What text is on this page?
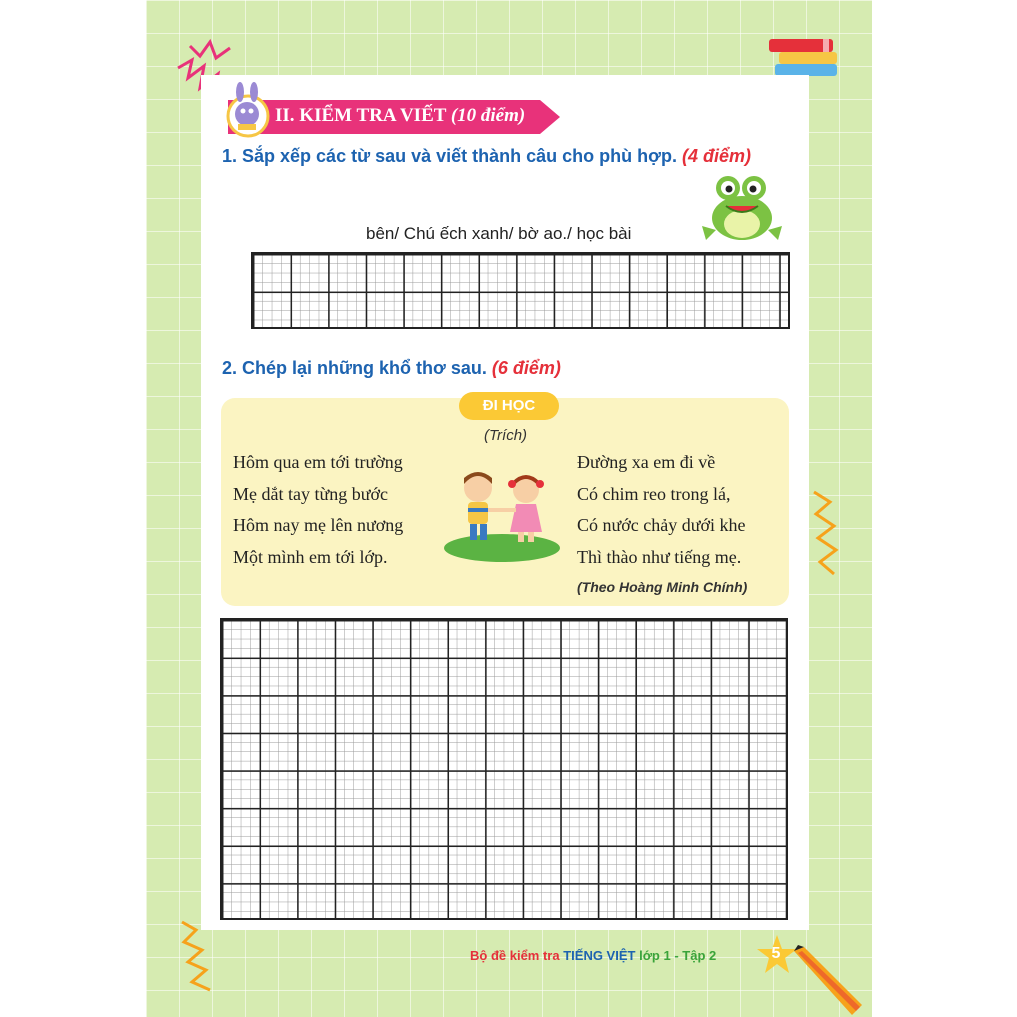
II. KIỂM TRA VIẾT (10 điểm)
1. Sắp xếp các từ sau và viết thành câu cho phù hợp. (4 điểm)
bên/ Chú ếch xanh/ bờ ao./ học bài
2. Chép lại những khổ thơ sau. (6 điểm)
ĐI HỌC
(Trích)
Hôm qua em tới trường
Mẹ dắt tay từng bước
Hôm nay mẹ lên nương
Một mình em tới lớp.
Đường xa em đi về
Có chim reo trong lá,
Có nước chảy dưới khe
Thì thào như tiếng mẹ.
(Theo Hoàng Minh Chính)
Bộ đề kiểm tra TIẾNG VIỆT lớp 1 - Tập 2	5
